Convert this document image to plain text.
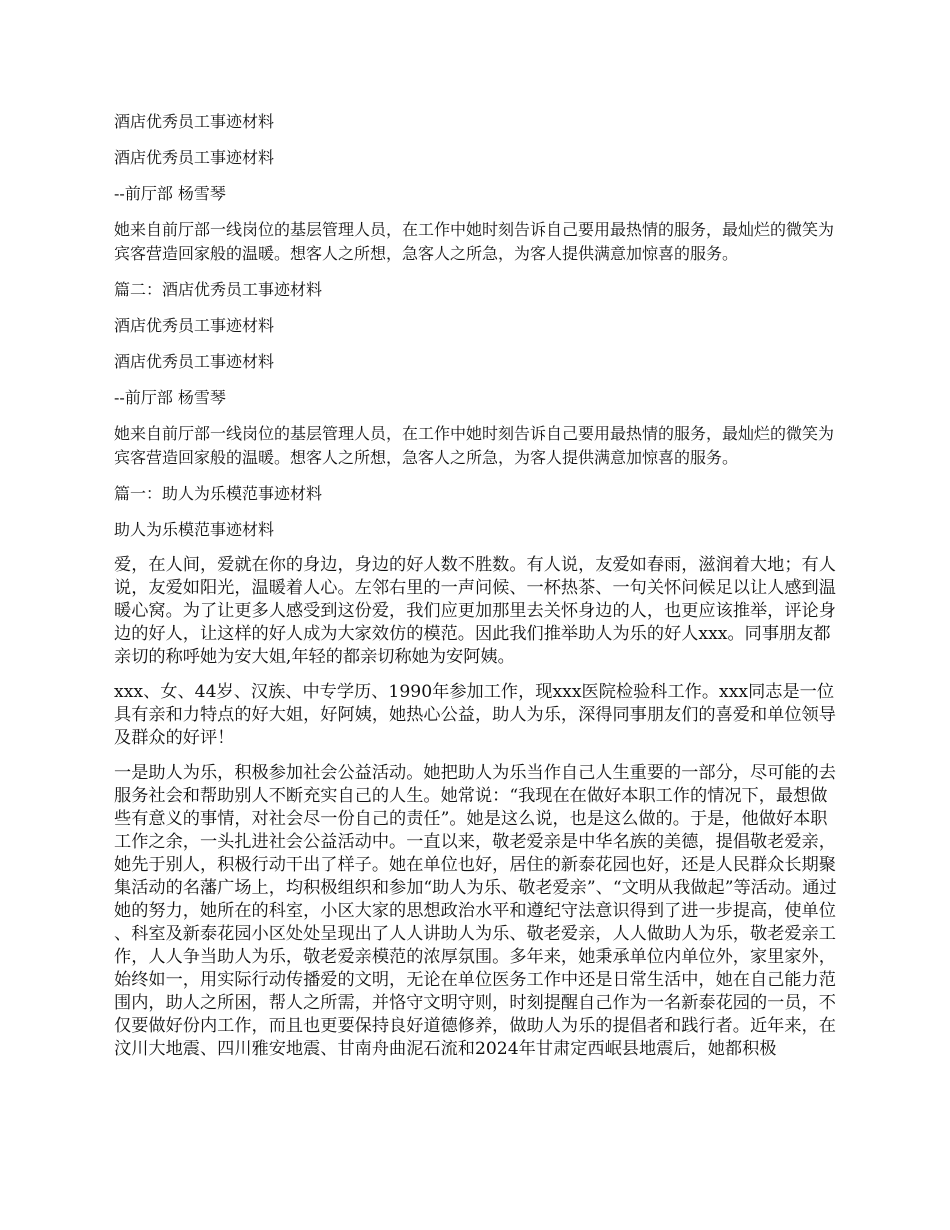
酒店优秀员工事迹材料

酒店优秀员工事迹材料

--前厅部 杨雪琴

她来自前厅部一线岗位的基层管理人员，在工作中她时刻告诉自己要用最热情的服务，最灿烂的微笑为宾客营造回家般的温暖。想客人之所想，急客人之所急，为客人提供满意加惊喜的服务。

篇二：酒店优秀员工事迹材料

酒店优秀员工事迹材料

酒店优秀员工事迹材料

--前厅部 杨雪琴

她来自前厅部一线岗位的基层管理人员，在工作中她时刻告诉自己要用最热情的服务，最灿烂的微笑为宾客营造回家般的温暖。想客人之所想，急客人之所急，为客人提供满意加惊喜的服务。

篇一：助人为乐模范事迹材料

助人为乐模范事迹材料

爱，在人间，爱就在你的身边，身边的好人数不胜数。有人说，友爱如春雨，滋润着大地；有人说，友爱如阳光，温暖着人心。左邻右里的一声问候、一杯热茶、一句关怀问候足以让人感到温暖心窝。为了让更多人感受到这份爱，我们应更加那里去关怀身边的人，也更应该推举，评论身边的好人，让这样的好人成为大家效仿的模范。因此我们推举助人为乐的好人xxx。同事朋友都亲切的称呼她为安大姐,年轻的都亲切称她为安阿姨。

xxx、女、44岁、汉族、中专学历、1990年参加工作，现xxx医院检验科工作。xxx同志是一位具有亲和力特点的好大姐，好阿姨，她热心公益，助人为乐，深得同事朋友们的喜爱和单位领导及群众的好评！

一是助人为乐，积极参加社会公益活动。她把助人为乐当作自己人生重要的一部分，尽可能的去服务社会和帮助别人不断充实自己的人生。她常说：“我现在在做好本职工作的情况下，最想做些有意义的事情，对社会尽一份自己的责任”。她是这么说，也是这么做的。于是，他做好本职工作之余，一头扎进社会公益活动中。一直以来，敬老爱亲是中华名族的美德，提倡敬老爱亲，她先于别人，积极行动干出了样子。她在单位也好，居住的新泰花园也好，还是人民群众长期聚集活动的名藩广场上，均积极组织和参加“助人为乐、敬老爱亲”、“文明从我做起”等活动。通过她的努力，她所在的科室，小区大家的思想政治水平和遵纪守法意识得到了进一步提高，使单位、科室及新泰花园小区处处呈现出了人人讲助人为乐、敬老爱亲，人人做助人为乐，敬老爱亲工作，人人争当助人为乐，敬老爱亲模范的浓厚氛围。多年来，她秉承单位内单位外，家里家外，始终如一，用实际行动传播爱的文明，无论在单位医务工作中还是日常生活中，她在自己能力范围内，助人之所困，帮人之所需，并恪守文明守则，时刻提醒自己作为一名新泰花园的一员，不仅要做好份内工作，而且也更要保持良好道德修养，做助人为乐的提倡者和践行者。近年来，在汶川大地震、四川雅安地震、甘南舟曲泥石流和2024年甘肃定西岷县地震后，她都积极
